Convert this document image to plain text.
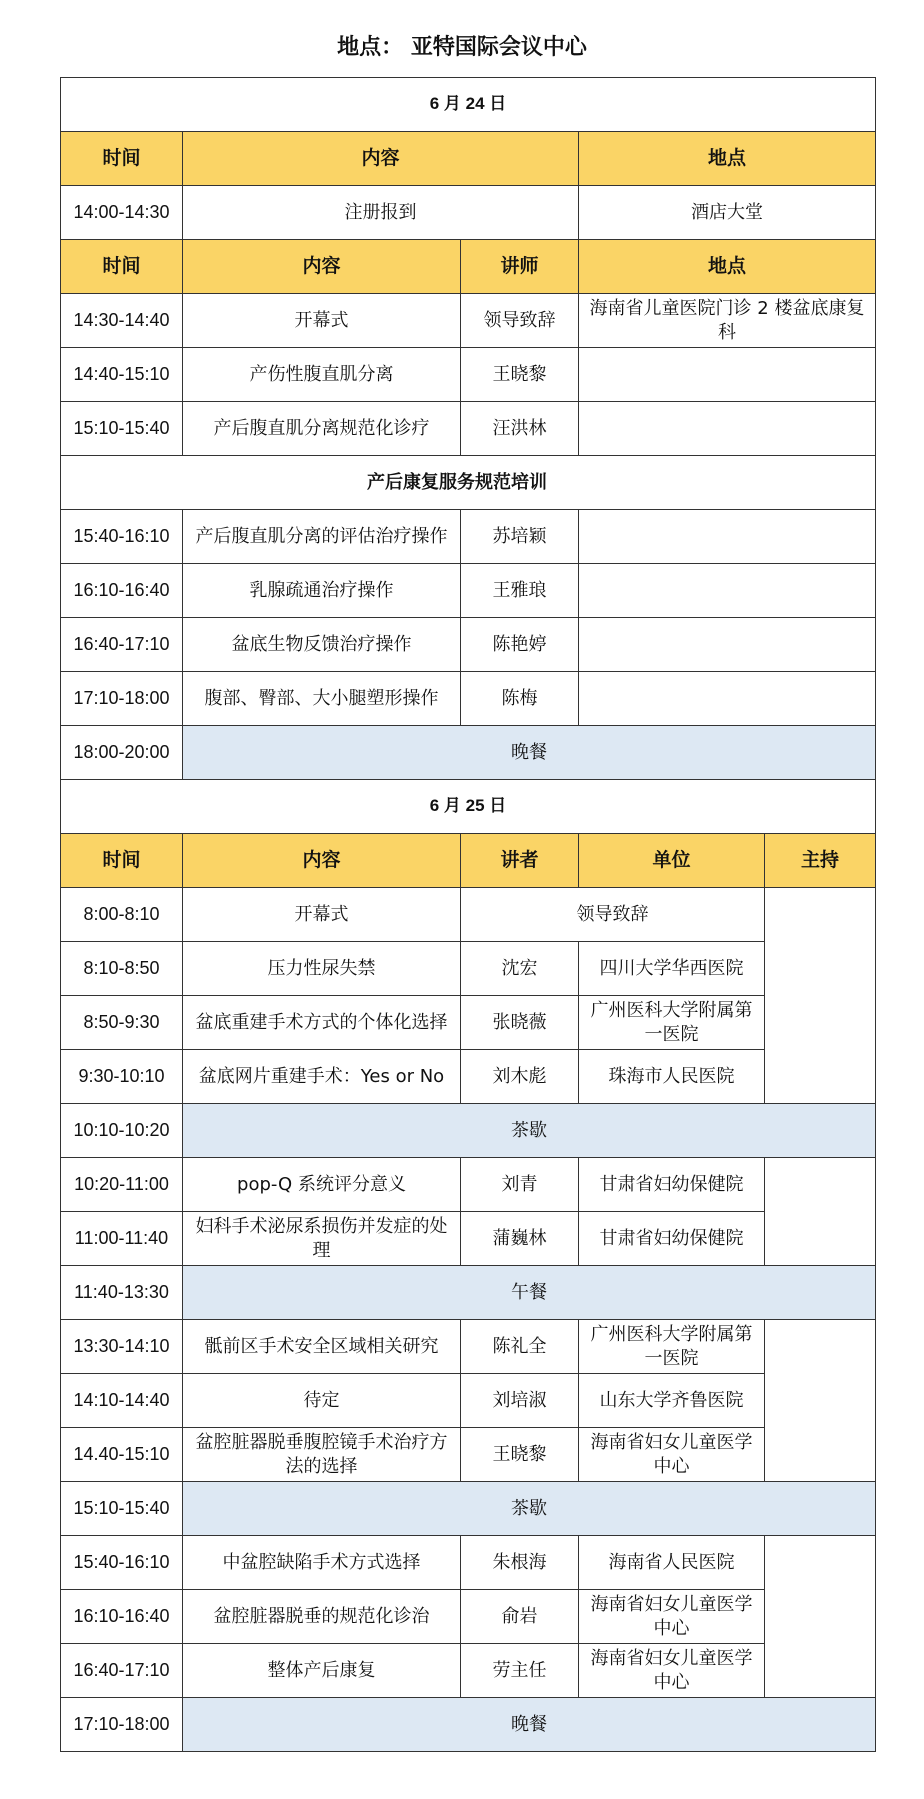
地点： 亚特国际会议中心
6 月 24 日				
时间	内容		地点	
14:00-14:30	注册报到		酒店大堂	
时间	内容	讲师	地点	
14:30-14:40	开幕式	领导致辞	海南省儿童医院门诊 2 楼盆底康复科	
14:40-15:10	产伤性腹直肌分离	王晓黎		
15:10-15:40	产后腹直肌分离规范化诊疗	汪洪林		
产后康复服务规范培训				
15:40-16:10	产后腹直肌分离的评估治疗操作	苏培颖		
16:10-16:40	乳腺疏通治疗操作	王雅琅		
16:40-17:10	盆底生物反馈治疗操作	陈艳婷		
17:10-18:00	腹部、臀部、大小腿塑形操作	陈梅		
18:00-20:00	晚餐			
6 月 25 日				
时间	内容	讲者	单位	主持
8:00-8:10	开幕式	领导致辞		
8:10-8:50	压力性尿失禁	沈宏	四川大学华西医院	
8:50-9:30	盆底重建手术方式的个体化选择	张晓薇	广州医科大学附属第一医院	
9:30-10:10	盆底网片重建手术：Yes or No	刘木彪	珠海市人民医院	
10:10-10:20	茶歇			
10:20-11:00	pop-Q 系统评分意义	刘青	甘肃省妇幼保健院	
11:00-11:40	妇科手术泌尿系损伤并发症的处理	蒲巍林	甘肃省妇幼保健院	
11:40-13:30	午餐			
13:30-14:10	骶前区手术安全区域相关研究	陈礼全	广州医科大学附属第一医院	
14:10-14:40	待定	刘培淑	山东大学齐鲁医院	
14.40-15:10	盆腔脏器脱垂腹腔镜手术治疗方法的选择	王晓黎	海南省妇女儿童医学中心	
15:10-15:40	茶歇			
15:40-16:10	中盆腔缺陷手术方式选择	朱根海	海南省人民医院	
16:10-16:40	盆腔脏器脱垂的规范化诊治	俞岩	海南省妇女儿童医学中心	
16:40-17:10	整体产后康复	劳主任	海南省妇女儿童医学中心	
17:10-18:00	晚餐			
